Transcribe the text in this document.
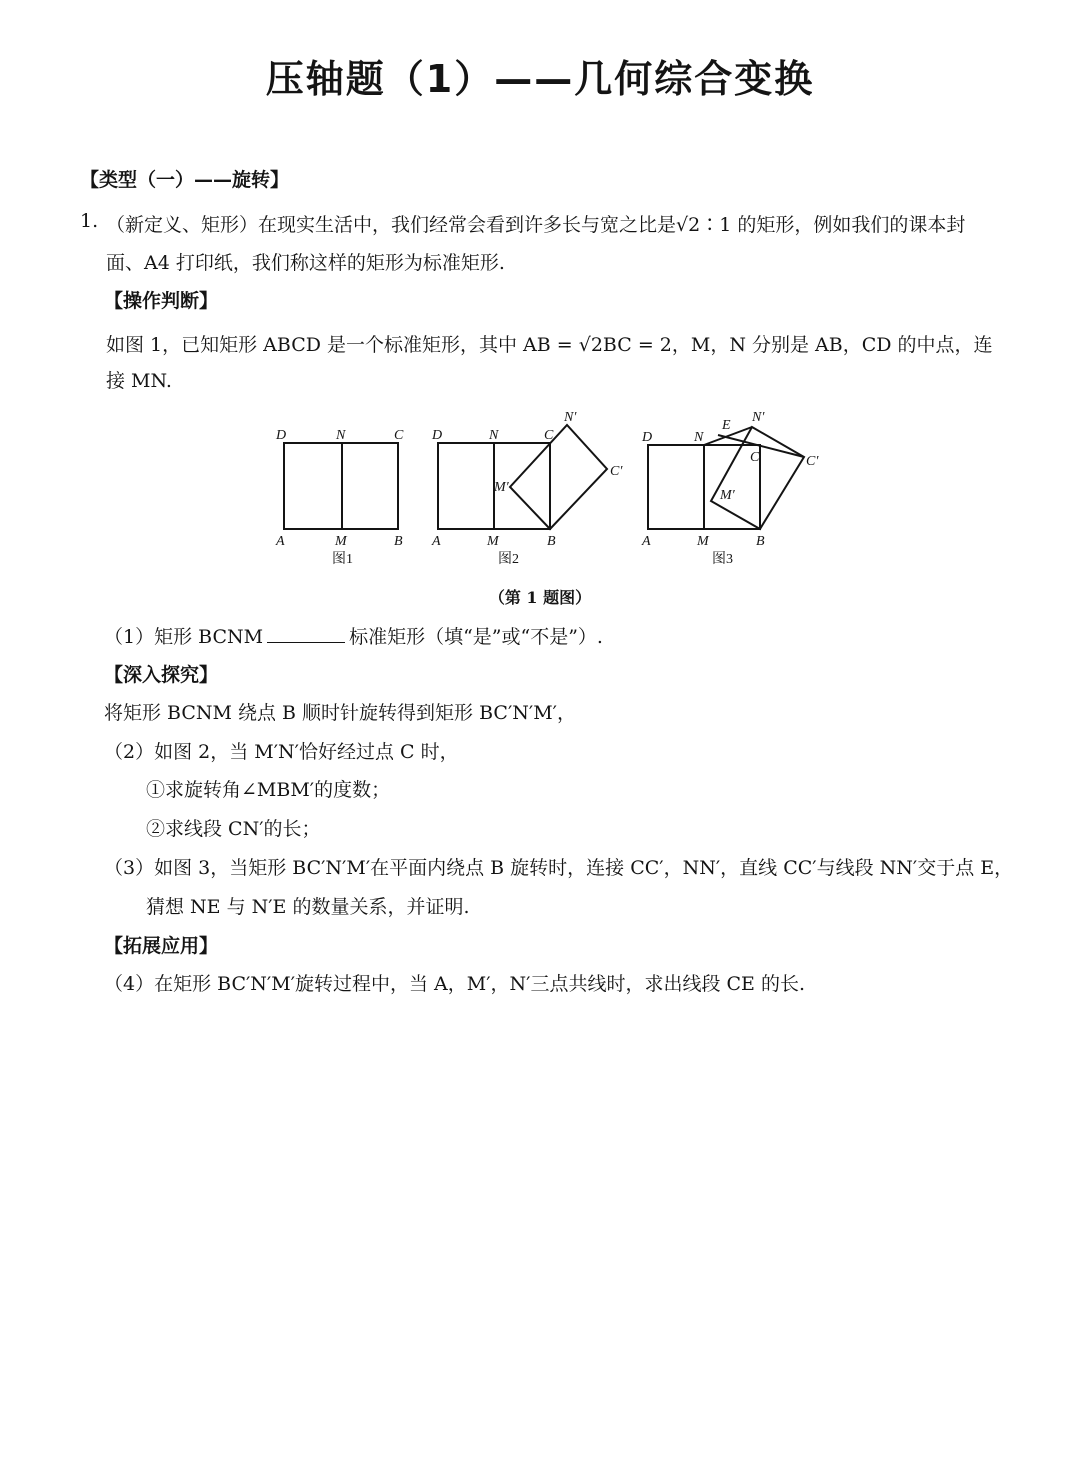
压轴题（1）——几何综合变换
【类型（一）——旋转】
1. （新定义、矩形）在现实生活中，我们经常会看到许多长与宽之比是√2∶1 的矩形，例如我们的课本封
面、A4 打印纸，我们称这样的矩形为标准矩形.
【操作判断】
如图 1，已知矩形 ABCD 是一个标准矩形，其中 AB = √2BC = 2，M，N 分别是 AB，CD 的中点，连
接 MN.
D	N	C
A	M	B
图1
D	N	C
N′
C′
M′
A	M	B
图2
D	N
E
N′
C	C′
M′
A	M	B
图3
（第 1 题图）
（1）矩形 BCNM	标准矩形（填“是”或“不是”）.
【深入探究】
将矩形 BCNM 绕点 B 顺时针旋转得到矩形 BC′N′M′，
（2）如图 2，当 M′N′恰好经过点 C 时，
①求旋转角∠MBM′的度数；
②求线段 CN′的长；
（3）如图 3，当矩形 BC′N′M′在平面内绕点 B 旋转时，连接 CC′，NN′，直线 CC′与线段 NN′交于点 E，
猜想 NE 与 N′E 的数量关系，并证明.
【拓展应用】
（4）在矩形 BC′N′M′旋转过程中，当 A，M′，N′三点共线时，求出线段 CE 的长.
